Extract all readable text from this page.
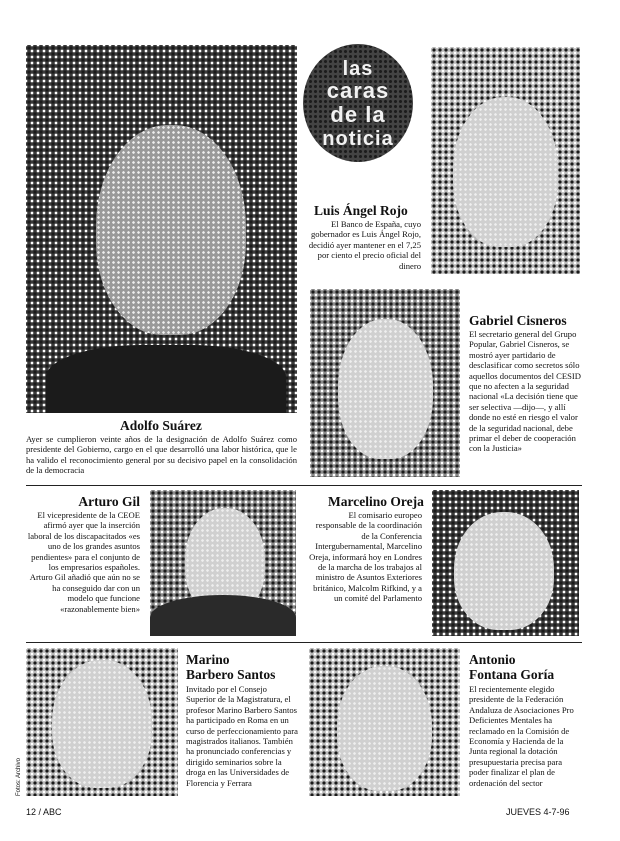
Adolfo Suárez
Ayer se cumplieron veinte años de la designación de Adolfo Suárez como presidente del Gobierno, cargo en el que desarrolló una labor histórica, que le ha valido el reconocimiento general por su decisivo papel en la consolidación de la democracia
las
caras
de la
noticia
Luis Ángel Rojo
El Banco de España, cuyo gobernador es Luis Ángel Rojo, decidió ayer mantener en el 7,25 por ciento el precio oficial del dinero
Gabriel Cisneros
El secretario general del Grupo Popular, Gabriel Cisneros, se mostró ayer partidario de desclasificar como secretos sólo aquellos documentos del CESID que no afecten a la seguridad nacional «La decisión tiene que ser selectiva —dijo—, y allí donde no esté en riesgo el valor de la seguridad nacional, debe primar el deber de cooperación con la Justicia»
Arturo Gil
El vicepresidente de la CEOE afirmó ayer que la inserción laboral de los discapacitados «es uno de los grandes asuntos pendientes» para el conjunto de los empresarios españoles. Arturo Gil añadió que aún no se ha conseguido dar con un modelo que funcione «razonablemente bien»
Marcelino Oreja
El comisario europeo responsable de la coordinación de la Conferencia Intergubernamental, Marcelino Oreja, informará hoy en Londres de la marcha de los trabajos al ministro de Asuntos Exteriores británico, Malcolm Rifkind, y a un comité del Parlamento
Marino
Barbero Santos
Invitado por el Consejo Superior de la Magistratura, el profesor Marino Barbero Santos ha participado en Roma en un curso de perfeccionamiento para magistrados italianos. También ha pronunciado conferencias y dirigido seminarios sobre la droga en las Universidades de Florencia y Ferrara
Antonio
Fontana Goría
El recientemente elegido presidente de la Federación Andaluza de Asociaciones Pro Deficientes Mentales ha reclamado en la Comisión de Economía y Hacienda de la Junta regional la dotación presupuestaria precisa para poder finalizar el plan de ordenación del sector
Fotos: Archivo
12 / ABC	JUEVES 4-7-96
